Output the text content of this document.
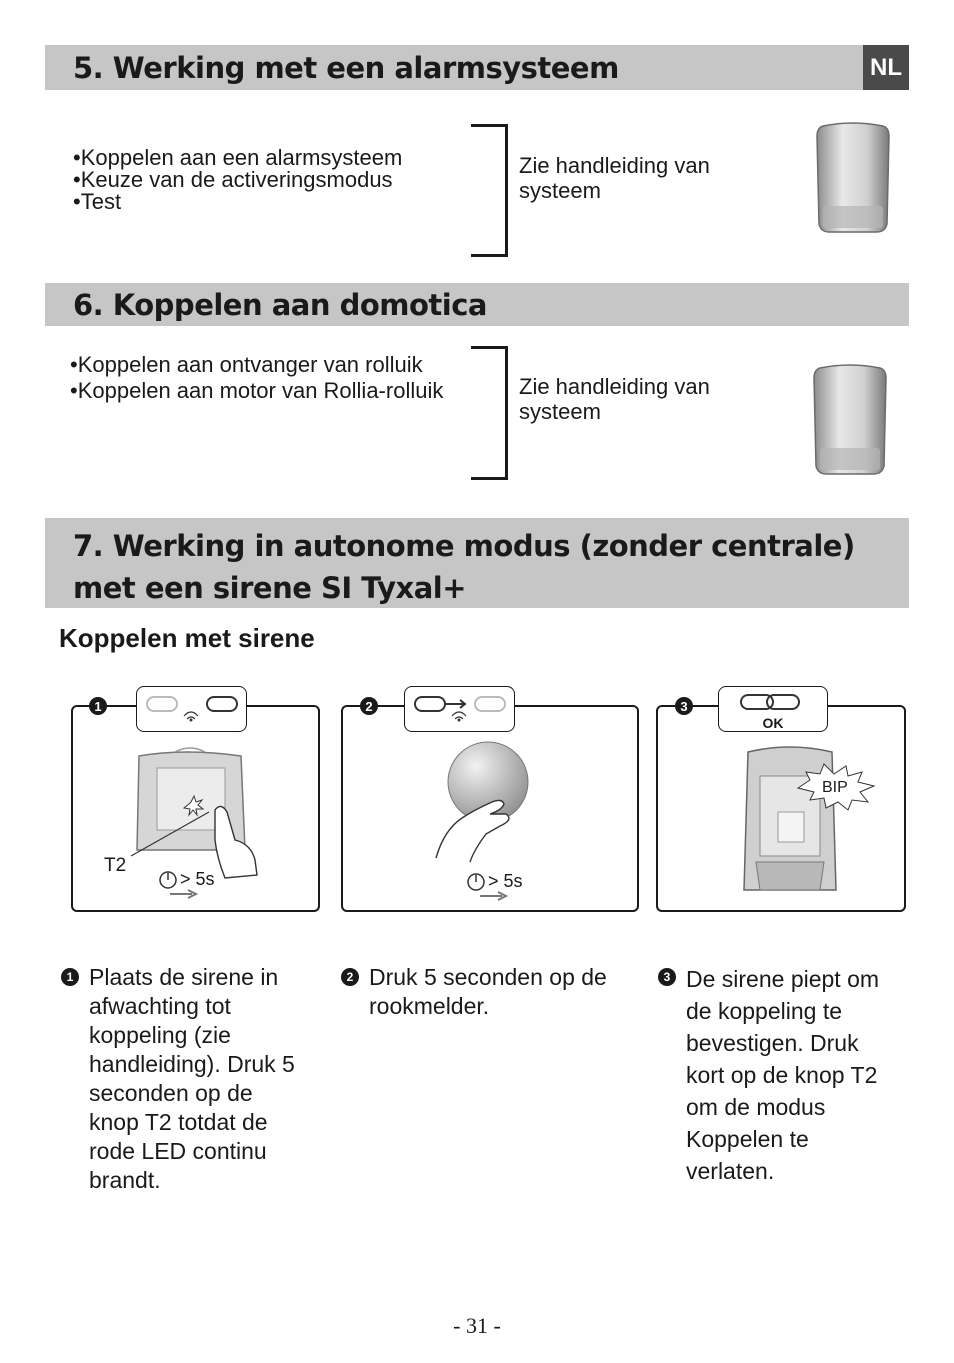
5. Werking met een alarmsysteem	NL
• Koppelen aan een alarmsysteem
• Keuze van de activeringsmodus
• Test
Zie handleiding van systeem
6. Koppelen aan domotica
• Koppelen aan ontvanger van rolluik
• Koppelen aan motor van Rollia-rolluik	Zie handleiding van systeem
7. Werking in autonome modus (zonder centrale) met een sirene SI Tyxal+
Koppelen met sirene
1	2	3
OK
T2
> 5s	> 5s
BIP
1 Plaats de sirene in afwachting tot koppeling (zie handleiding). Druk 5 seconden op de knop T2 totdat de rode LED continu brandt.
2 Druk 5 seconden op de rookmelder.
3 De sirene piept om de koppeling te bevestigen. Druk kort op de knop T2 om de modus Koppelen te verlaten.
- 31 -
